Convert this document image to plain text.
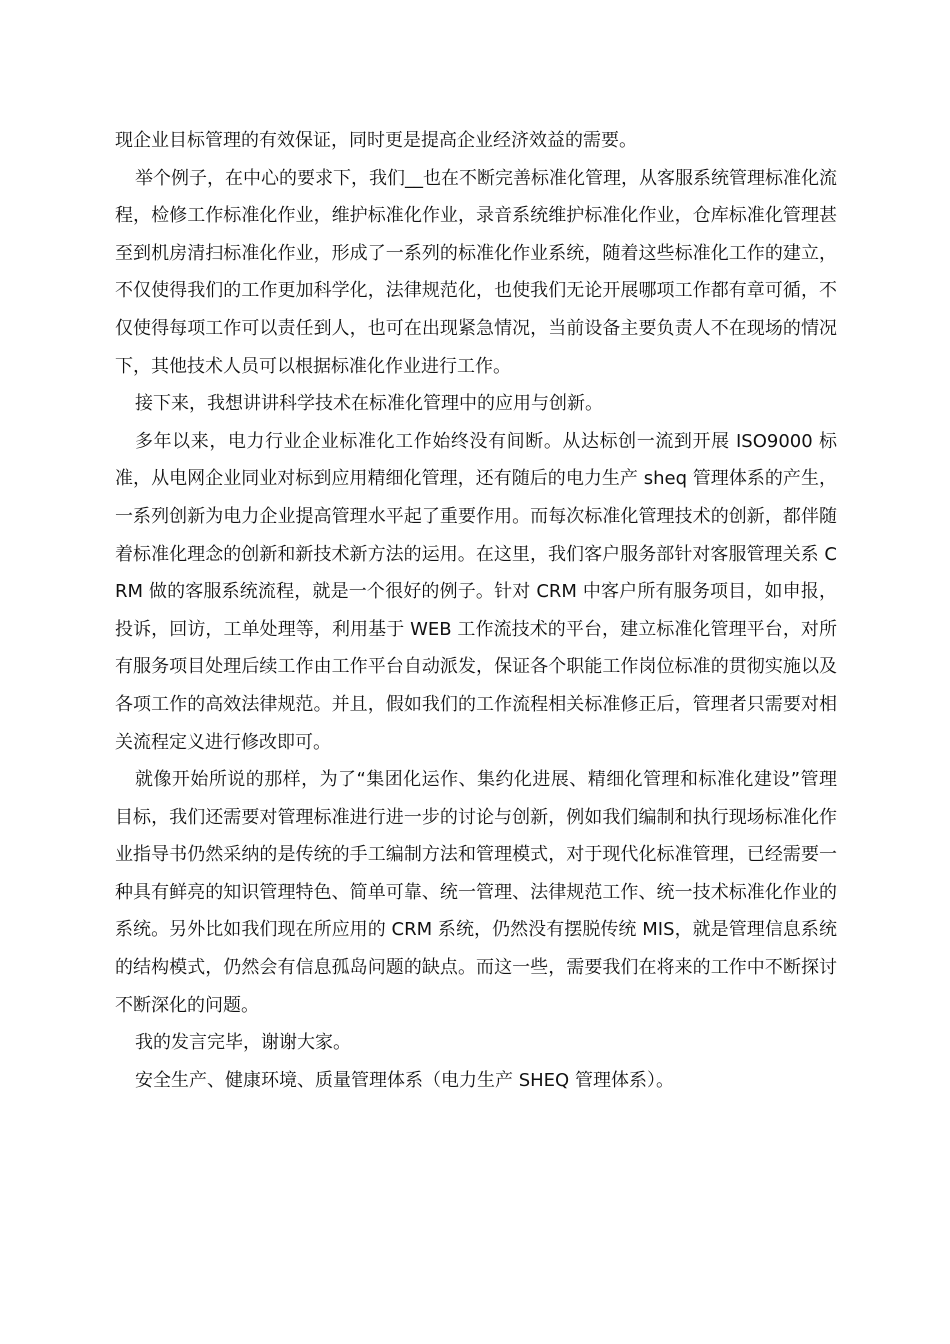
现企业目标管理的有效保证，同时更是提高企业经济效益的需要。

举个例子，在中心的要求下，我们__也在不断完善标准化管理，从客服系统管理标准化流程，检修工作标准化作业，维护标准化作业，录音系统维护标准化作业，仓库标准化管理甚至到机房清扫标准化作业，形成了一系列的标准化作业系统，随着这些标准化工作的建立，不仅使得我们的工作更加科学化，法律规范化，也使我们无论开展哪项工作都有章可循，不仅使得每项工作可以责任到人，也可在出现紧急情况，当前设备主要负责人不在现场的情况下，其他技术人员可以根据标准化作业进行工作。

接下来，我想讲讲科学技术在标准化管理中的应用与创新。

多年以来，电力行业企业标准化工作始终没有间断。从达标创一流到开展 ISO9000 标准，从电网企业同业对标到应用精细化管理，还有随后的电力生产 sheq 管理体系的产生，一系列创新为电力企业提高管理水平起了重要作用。而每次标准化管理技术的创新，都伴随着标准化理念的创新和新技术新方法的运用。在这里，我们客户服务部针对客服管理关系 CRM 做的客服系统流程，就是一个很好的例子。针对 CRM 中客户所有服务项目，如申报，投诉，回访，工单处理等，利用基于 WEB 工作流技术的平台，建立标准化管理平台，对所有服务项目处理后续工作由工作平台自动派发，保证各个职能工作岗位标准的贯彻实施以及各项工作的高效法律规范。并且，假如我们的工作流程相关标准修正后，管理者只需要对相关流程定义进行修改即可。

就像开始所说的那样，为了“集团化运作、集约化进展、精细化管理和标准化建设”管理目标，我们还需要对管理标准进行进一步的讨论与创新，例如我们编制和执行现场标准化作业指导书仍然采纳的是传统的手工编制方法和管理模式，对于现代化标准管理，已经需要一种具有鲜亮的知识管理特色、简单可靠、统一管理、法律规范工作、统一技术标准化作业的系统。另外比如我们现在所应用的 CRM 系统，仍然没有摆脱传统 MIS，就是管理信息系统的结构模式，仍然会有信息孤岛问题的缺点。而这一些，需要我们在将来的工作中不断探讨不断深化的问题。

我的发言完毕，谢谢大家。

安全生产、健康环境、质量管理体系（电力生产 SHEQ 管理体系）。
